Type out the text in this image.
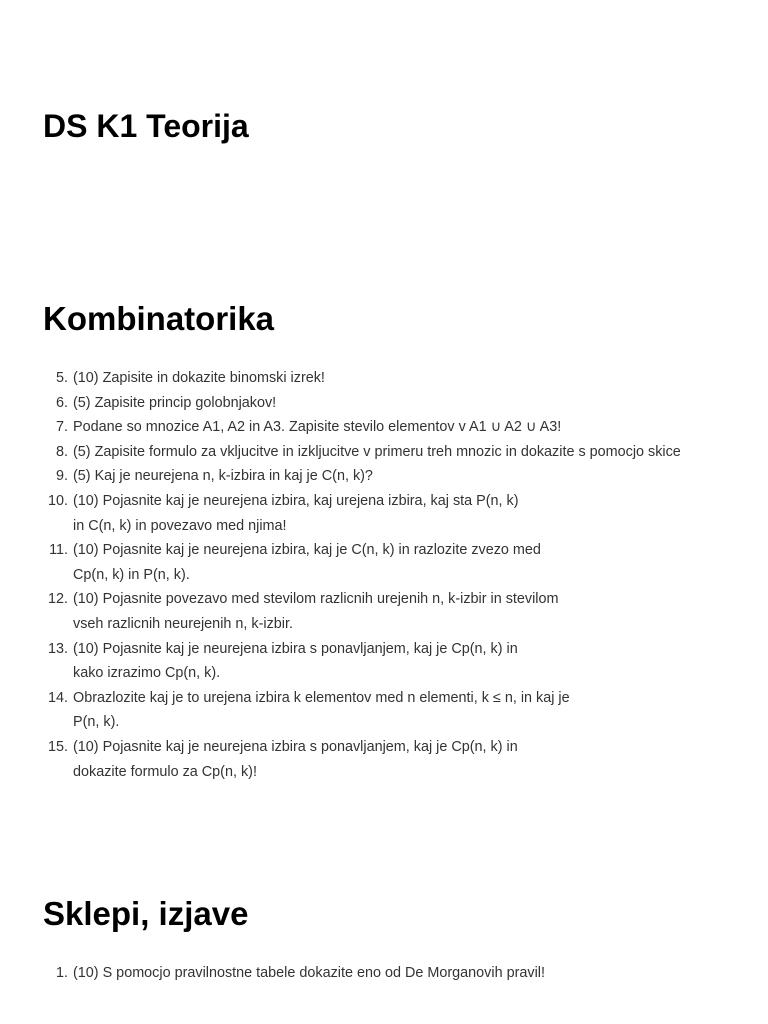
DS K1 Teorija
Kombinatorika
5. (10) Zapisite in dokazite binomski izrek!
6. (5) Zapisite princip golobnjakov!
7. Podane so mnozice A1, A2 in A3. Zapisite stevilo elementov v A1 ∪ A2 ∪ A3!
8. (5) Zapisite formulo za vkljucitve in izkljucitve v primeru treh mnozic in dokazite s pomocjo skice
9. (5) Kaj je neurejena n, k-izbira in kaj je C(n, k)?
10. (10) Pojasnite kaj je neurejena izbira, kaj urejena izbira, kaj sta P(n, k)
in C(n, k) in povezavo med njima!
11. (10) Pojasnite kaj je neurejena izbira, kaj je C(n, k) in razlozite zvezo med
Cp(n, k) in P(n, k).
12. (10) Pojasnite povezavo med stevilom razlicnih urejenih n, k-izbir in stevilom
vseh razlicnih neurejenih n, k-izbir.
13. (10) Pojasnite kaj je neurejena izbira s ponavljanjem, kaj je Cp(n, k) in
kako izrazimo Cp(n, k).
14. Obrazlozite kaj je to urejena izbira k elementov med n elementi, k ≤ n, in kaj je
P(n, k).
15. (10) Pojasnite kaj je neurejena izbira s ponavljanjem, kaj je Cp(n, k) in
dokazite formulo za Cp(n, k)!
Sklepi, izjave
1. (10) S pomocjo pravilnostne tabele dokazite eno od De Morganovih pravil!
